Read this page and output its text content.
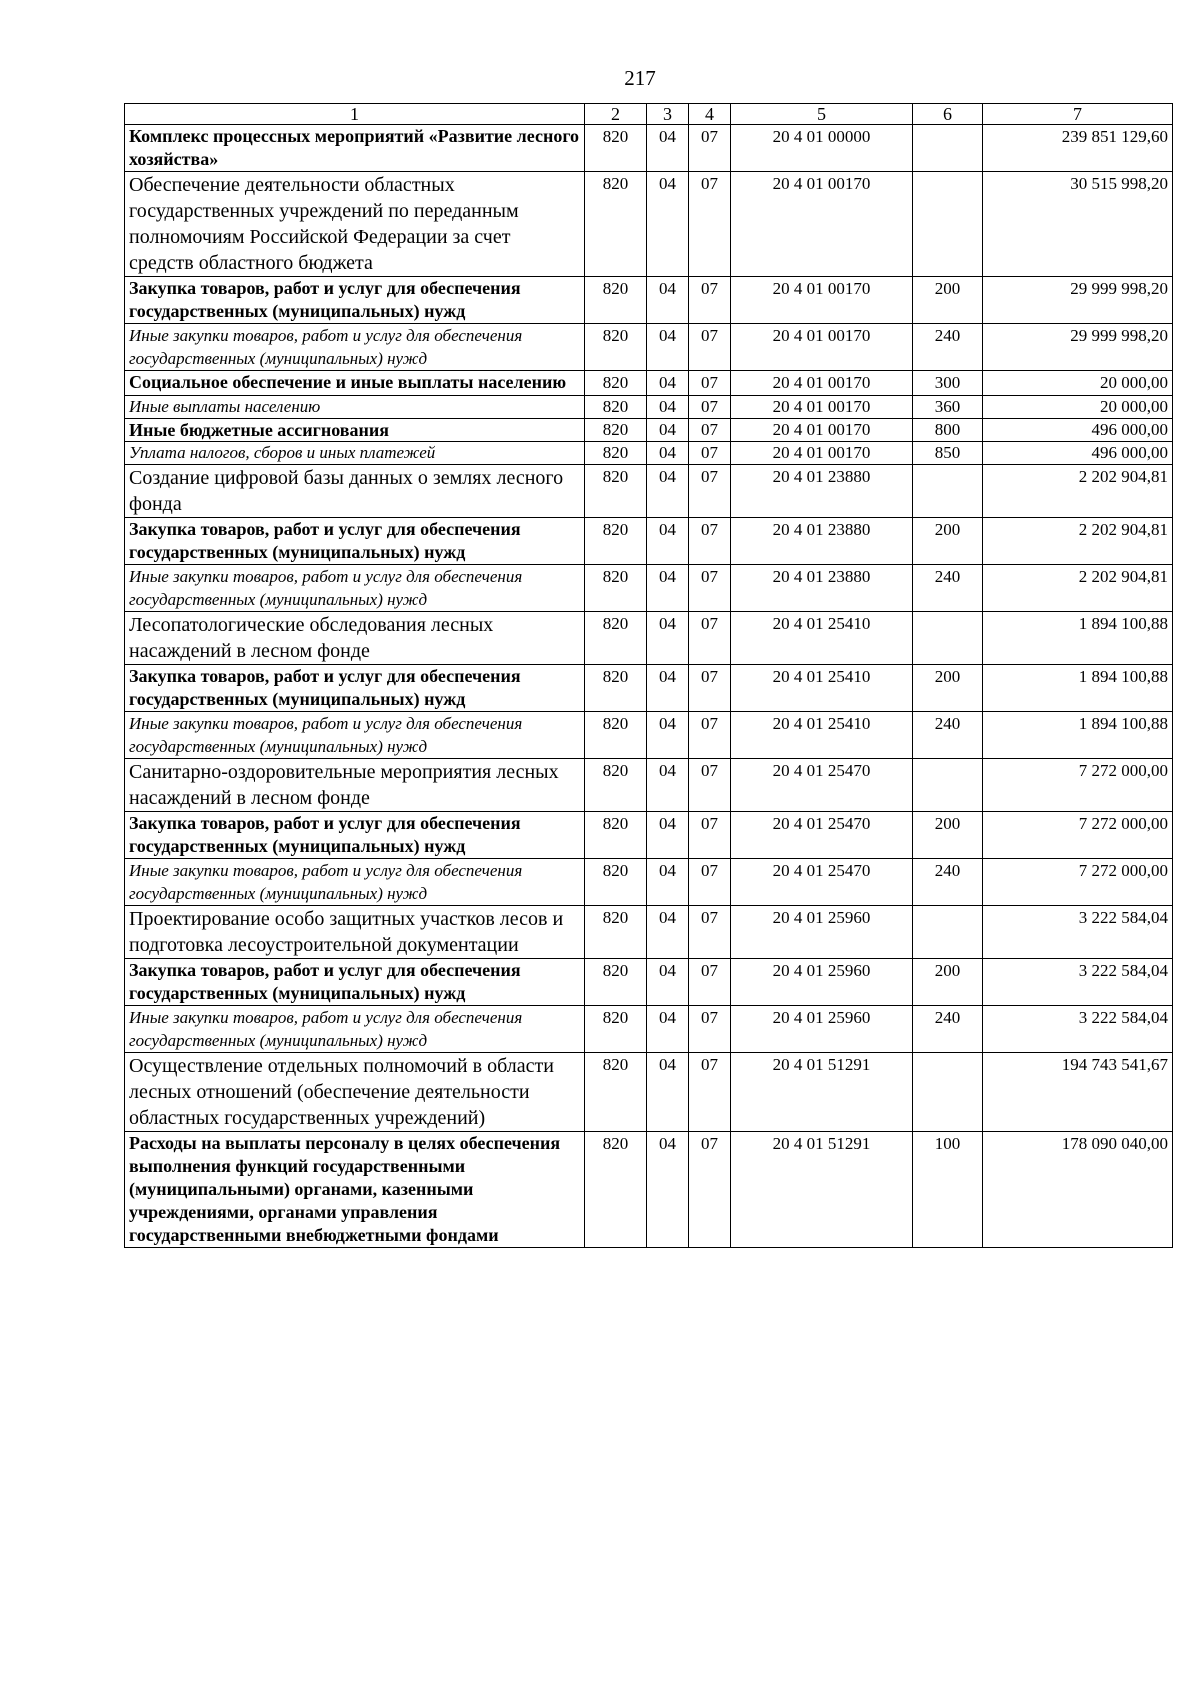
217
1	2	3	4	5	6	7
Комплекс процессных мероприятий «Развитие лесного хозяйства»	820	04	07	20 4 01 00000		239 851 129,60
Обеспечение деятельности областных государственных учреждений по переданным полномочиям Российской Федерации за счет средств областного бюджета	820	04	07	20 4 01 00170		30 515 998,20
Закупка товаров, работ и услуг для обеспечения государственных (муниципальных) нужд	820	04	07	20 4 01 00170	200	29 999 998,20
Иные закупки товаров, работ и услуг для обеспечения государственных (муниципальных) нужд	820	04	07	20 4 01 00170	240	29 999 998,20
Социальное обеспечение и иные выплаты населению	820	04	07	20 4 01 00170	300	20 000,00
Иные выплаты населению	820	04	07	20 4 01 00170	360	20 000,00
Иные бюджетные ассигнования	820	04	07	20 4 01 00170	800	496 000,00
Уплата налогов, сборов и иных платежей	820	04	07	20 4 01 00170	850	496 000,00
Создание цифровой базы данных о землях лесного фонда	820	04	07	20 4 01 23880		2 202 904,81
Закупка товаров, работ и услуг для обеспечения государственных (муниципальных) нужд	820	04	07	20 4 01 23880	200	2 202 904,81
Иные закупки товаров, работ и услуг для обеспечения государственных (муниципальных) нужд	820	04	07	20 4 01 23880	240	2 202 904,81
Лесопатологические обследования лесных насаждений в лесном фонде	820	04	07	20 4 01 25410		1 894 100,88
Закупка товаров, работ и услуг для обеспечения государственных (муниципальных) нужд	820	04	07	20 4 01 25410	200	1 894 100,88
Иные закупки товаров, работ и услуг для обеспечения государственных (муниципальных) нужд	820	04	07	20 4 01 25410	240	1 894 100,88
Санитарно-оздоровительные мероприятия лесных насаждений в лесном фонде	820	04	07	20 4 01 25470		7 272 000,00
Закупка товаров, работ и услуг для обеспечения государственных (муниципальных) нужд	820	04	07	20 4 01 25470	200	7 272 000,00
Иные закупки товаров, работ и услуг для обеспечения государственных (муниципальных) нужд	820	04	07	20 4 01 25470	240	7 272 000,00
Проектирование особо защитных участков лесов и подготовка лесоустроительной документации	820	04	07	20 4 01 25960		3 222 584,04
Закупка товаров, работ и услуг для обеспечения государственных (муниципальных) нужд	820	04	07	20 4 01 25960	200	3 222 584,04
Иные закупки товаров, работ и услуг для обеспечения государственных (муниципальных) нужд	820	04	07	20 4 01 25960	240	3 222 584,04
Осуществление отдельных полномочий в области лесных отношений (обеспечение деятельности областных государственных учреждений)	820	04	07	20 4 01 51291		194 743 541,67
Расходы на выплаты персоналу в целях обеспечения выполнения функций государственными (муниципальными) органами, казенными учреждениями, органами управления государственными внебюджетными фондами	820	04	07	20 4 01 51291	100	178 090 040,00
